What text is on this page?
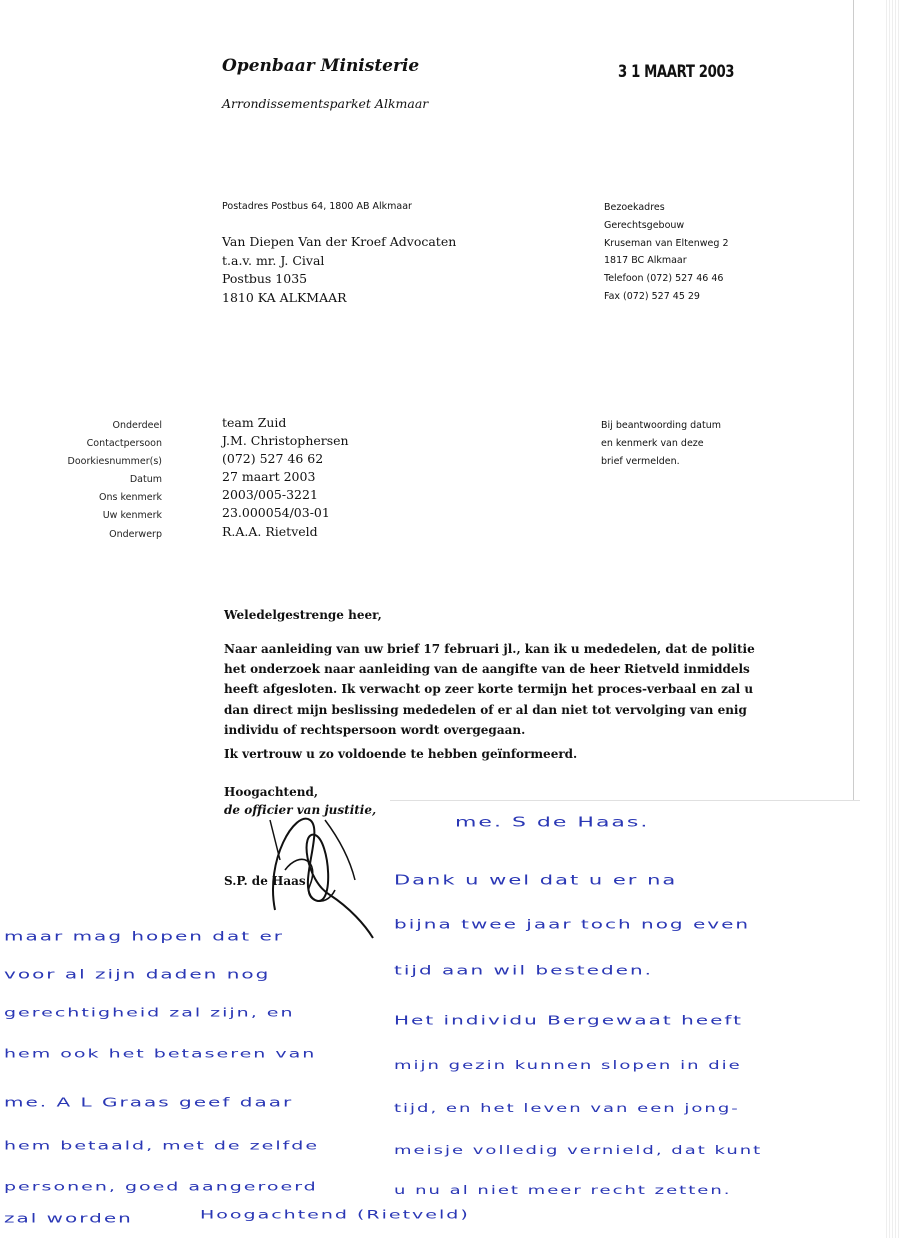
Openbaar Ministerie
Arrondissementsparket Alkmaar
3 1 MAART 2003
Postadres Postbus 64, 1800 AB Alkmaar
Van Diepen Van der Kroef Advocaten
t.a.v. mr. J. Cival
Postbus 1035
1810 KA ALKMAAR
Bezoekadres
Gerechtsgebouw
Kruseman van Eltenweg 2
1817 BC Alkmaar
Telefoon (072) 527 46 46
Fax (072) 527 45 29
Onderdeel
Contactpersoon
Doorkiesnummer(s)
Datum
Ons kenmerk
Uw kenmerk
Onderwerp
team Zuid
J.M. Christophersen
(072) 527 46 62
27 maart 2003
2003/005-3221
23.000054/03-01
R.A.A. Rietveld
Bij beantwoording datum
en kenmerk van deze
brief vermelden.
Weledelgestrenge heer,
Naar aanleiding van uw brief 17 februari jl., kan ik u mededelen, dat de politie het onderzoek naar aanleiding van de aangifte van de heer Rietveld inmiddels heeft afgesloten. Ik verwacht op zeer korte termijn het proces-verbaal en zal u dan direct mijn beslissing mededelen of er al dan niet tot vervolging van enig individu of rechtspersoon wordt overgegaan.
Ik vertrouw u zo voldoende te hebben geïnformeerd.
Hoogachtend,
de officier van justitie,
S.P. de Haas
me. S de Haas.
Dank u wel dat u er na
bijna twee jaar toch nog even
tijd aan wil besteden.
Het individu Bergewaat heeft
mijn gezin kunnen slopen in die
tijd, en het leven van een jong-
meisje volledig vernield, dat kunt
u nu al niet meer recht zetten.
maar mag hopen dat er
voor al zijn daden nog
gerechtigheid zal zijn, en
hem ook het betaseren van
me. A L Graas geef daar
hem betaald, met de zelfde
personen, goed aangeroerd
zal worden	Hoogachtend (Rietveld)
